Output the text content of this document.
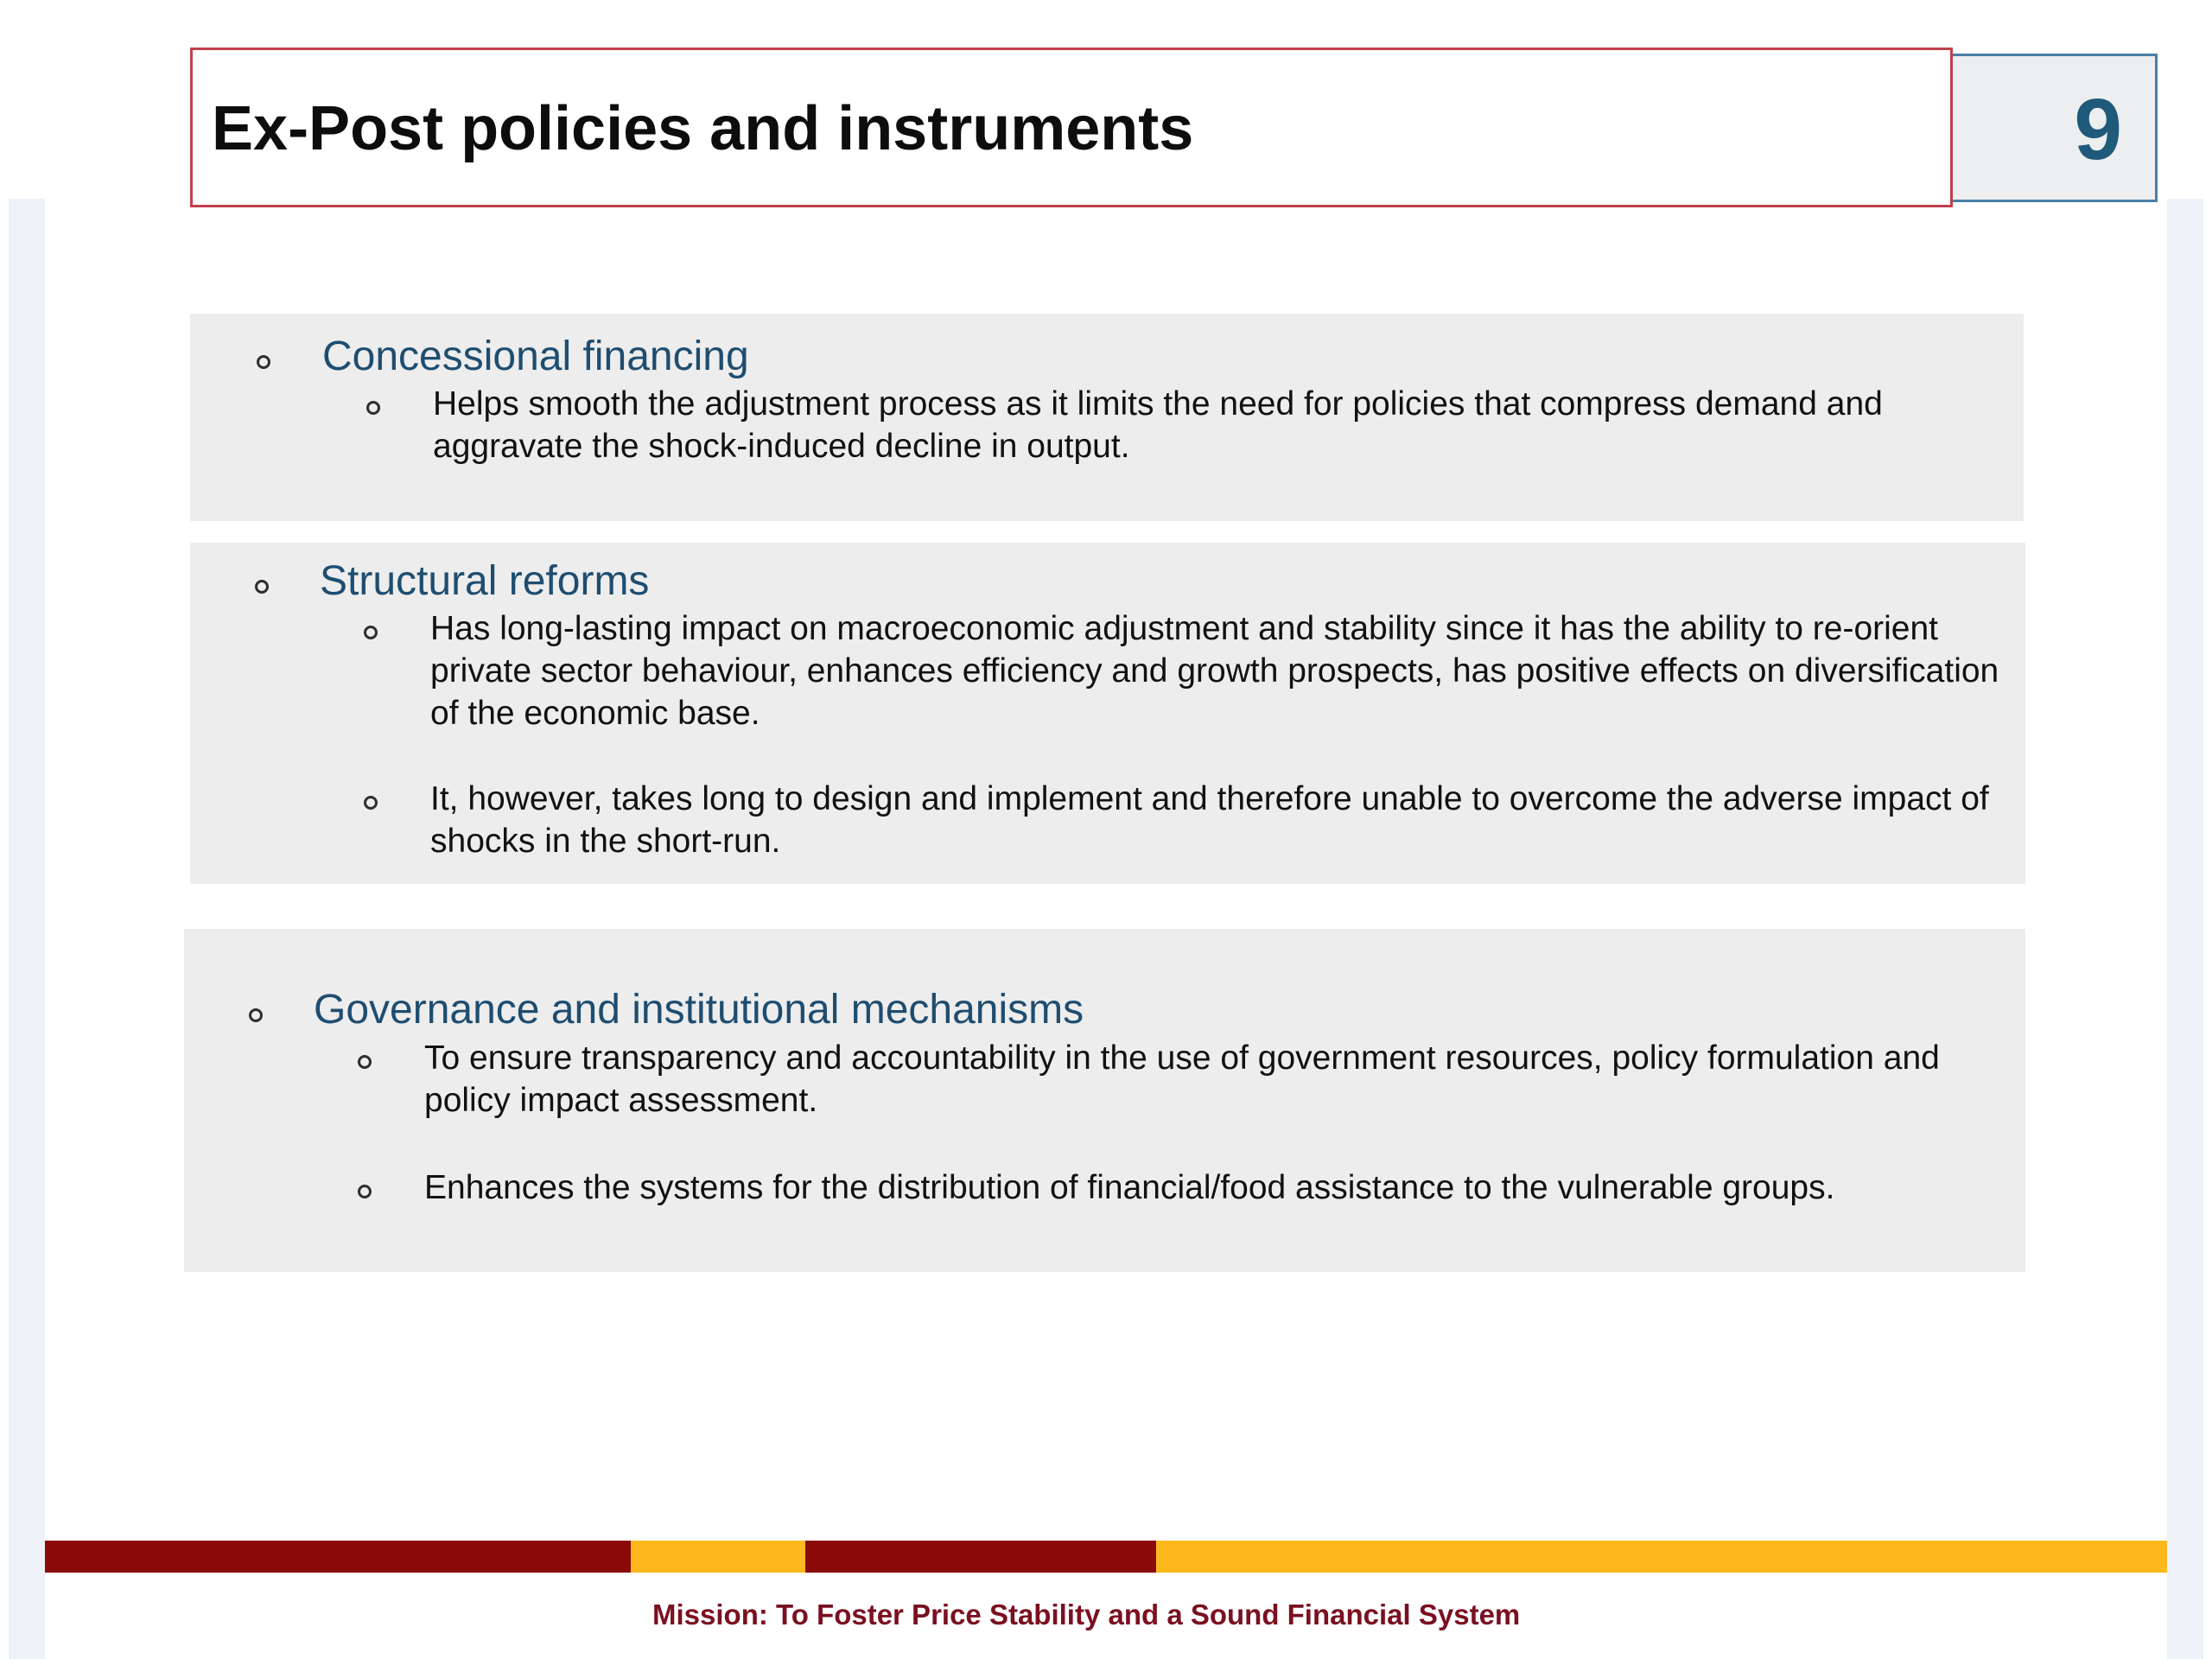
Ex-Post policies and instruments	9
Concessional financing
Helps smooth the adjustment process as it limits the need for policies that compress demand and aggravate the shock-induced decline in output.
Structural reforms
Has long-lasting impact on macroeconomic adjustment and stability since it has the ability to re-orient private sector behaviour, enhances efficiency and growth prospects, has positive effects on diversification of the economic base.
It, however, takes long to design and implement and therefore unable to overcome the adverse impact of shocks in the short-run.
Governance and institutional mechanisms
To ensure transparency and accountability in the use of government resources, policy formulation and policy impact assessment.
Enhances the systems for the distribution of financial/food assistance to the vulnerable groups.
Mission: To Foster Price Stability and a Sound Financial System
